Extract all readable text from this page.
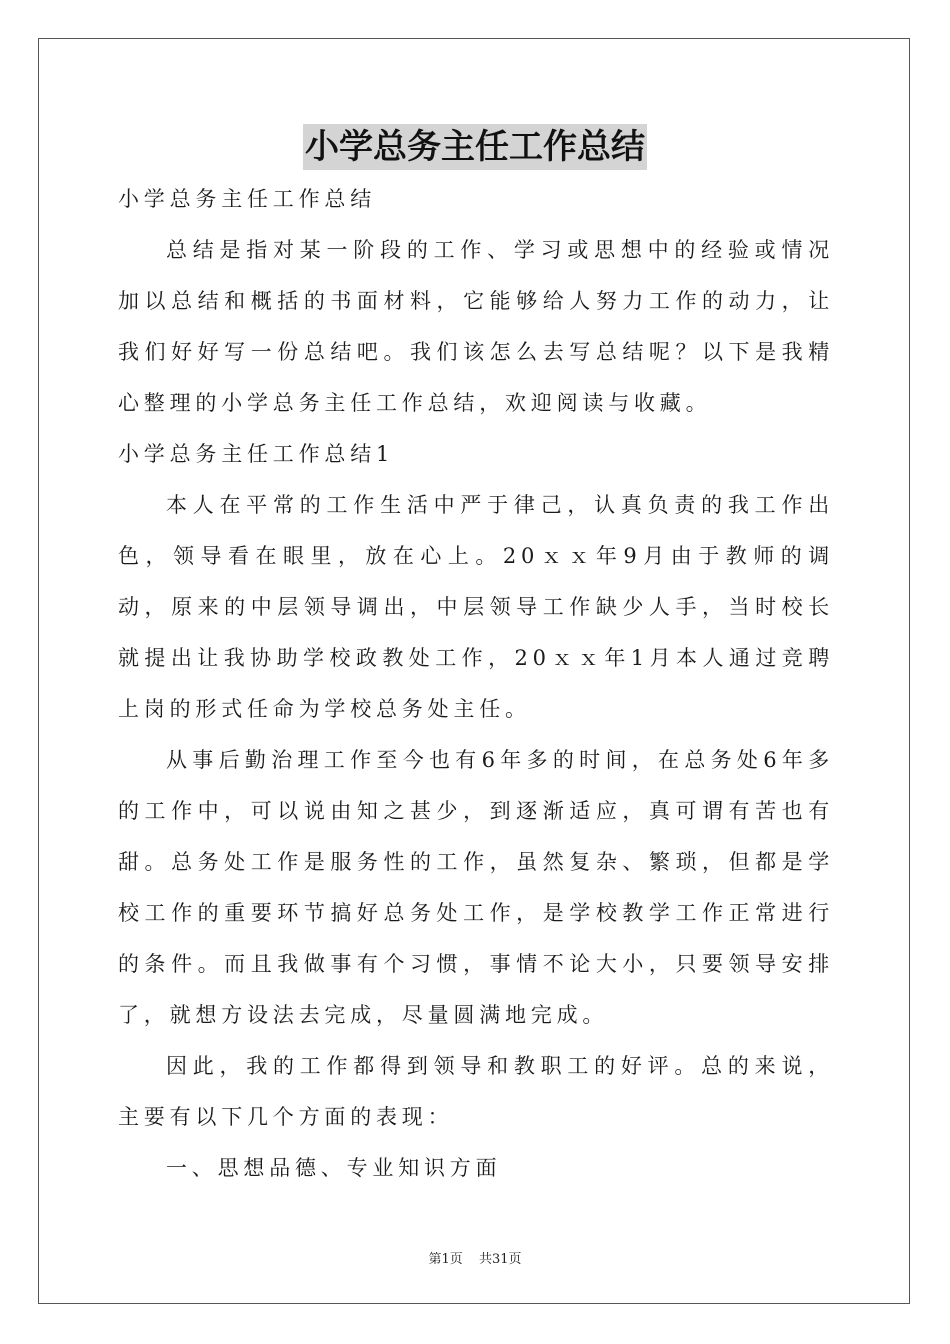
小学总务主任工作总结

小学总务主任工作总结

总结是指对某一阶段的工作、学习或思想中的经验或情况加以总结和概括的书面材料，它能够给人努力工作的动力，让我们好好写一份总结吧。我们该怎么去写总结呢？以下是我精心整理的小学总务主任工作总结，欢迎阅读与收藏。

小学总务主任工作总结1

本人在平常的工作生活中严于律己，认真负责的我工作出色，领导看在眼里，放在心上。20ｘｘ年9月由于教师的调动，原来的中层领导调出，中层领导工作缺少人手，当时校长就提出让我协助学校政教处工作，20ｘｘ年1月本人通过竞聘上岗的形式任命为学校总务处主任。

从事后勤治理工作至今也有6年多的时间，在总务处6年多的工作中，可以说由知之甚少，到逐渐适应，真可谓有苦也有甜。总务处工作是服务性的工作，虽然复杂、繁琐，但都是学校工作的重要环节搞好总务处工作，是学校教学工作正常进行的条件。而且我做事有个习惯，事情不论大小，只要领导安排了，就想方设法去完成，尽量圆满地完成。

因此，我的工作都得到领导和教职工的好评。总的来说，主要有以下几个方面的表现：

一、思想品德、专业知识方面

第1页 共31页
